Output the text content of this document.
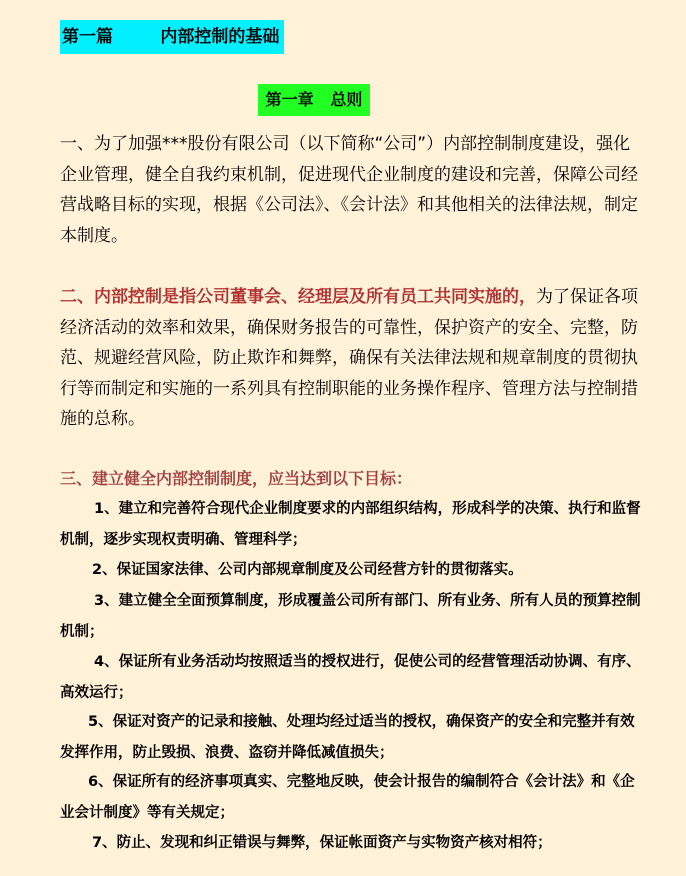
第一篇        内部控制的基础
第一章   总则

一、为了加强***股份有限公司（以下简称“公司”）内部控制制度建设，强化企业管理，健全自我约束机制，促进现代企业制度的建设和完善，保障公司经营战略目标的实现，根据《公司法》、《会计法》和其他相关的法律法规，制定本制度。

二、内部控制是指公司董事会、经理层及所有员工共同实施的，为了保证各项经济活动的效率和效果，确保财务报告的可靠性，保护资产的安全、完整，防范、规避经营风险，防止欺诈和舞弊，确保有关法律法规和规章制度的贯彻执行等而制定和实施的一系列具有控制职能的业务操作程序、管理方法与控制措施的总称。

三、建立健全内部控制制度，应当达到以下目标：

1、建立和完善符合现代企业制度要求的内部组织结构，形成科学的决策、执行和监督机制，逐步实现权责明确、管理科学；

2、保证国家法律、公司内部规章制度及公司经营方针的贯彻落实。

3、建立健全全面预算制度，形成覆盖公司所有部门、所有业务、所有人员的预算控制机制；

4、保证所有业务活动均按照适当的授权进行，促使公司的经营管理活动协调、有序、高效运行；

5、保证对资产的记录和接触、处理均经过适当的授权，确保资产的安全和完整并有效发挥作用，防止毁损、浪费、盗窃并降低减值损失；

6、保证所有的经济事项真实、完整地反映，使会计报告的编制符合《会计法》和《企业会计制度》等有关规定；

7、防止、发现和纠正错误与舞弊，保证帐面资产与实物资产核对相符；
